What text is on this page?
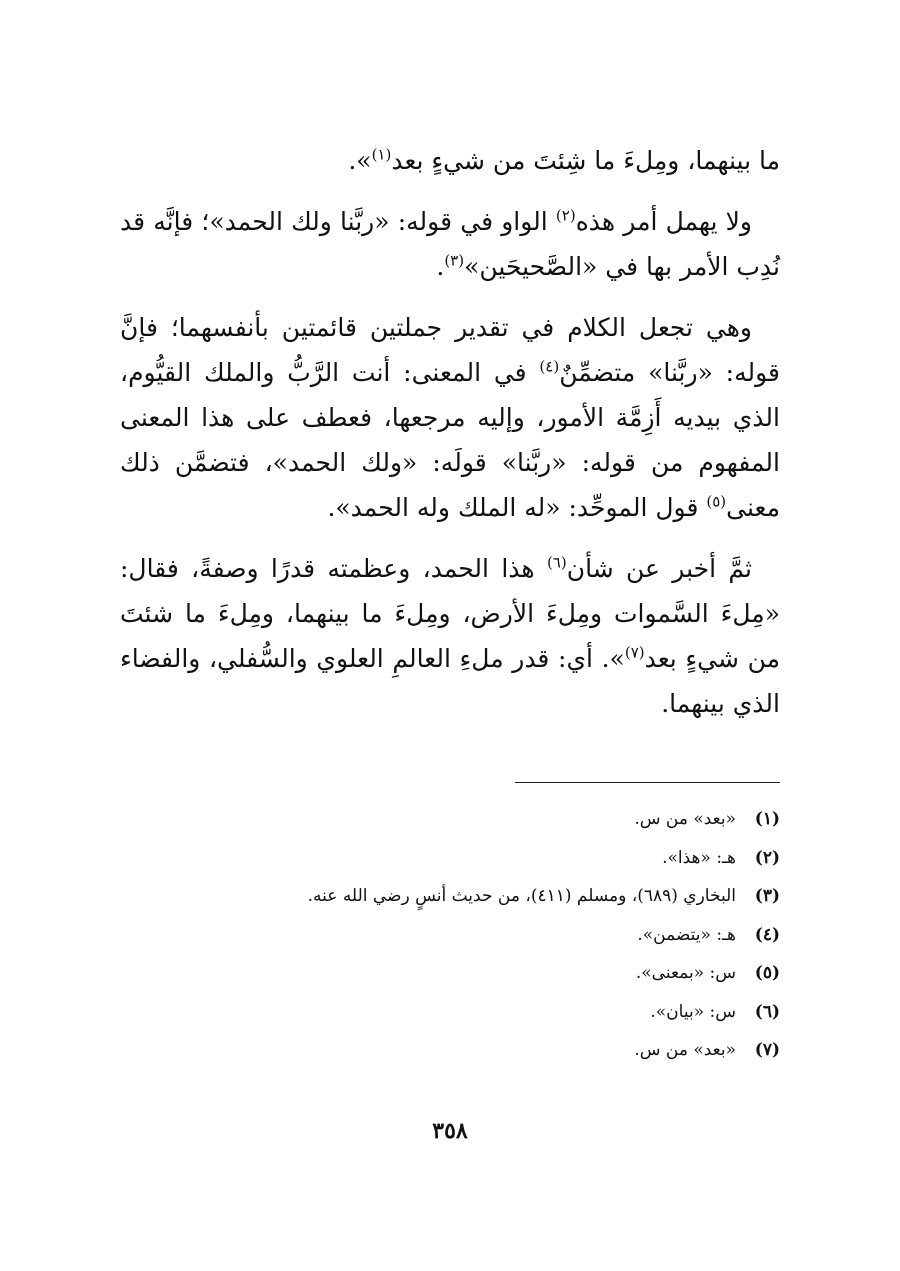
ما بينهما، ومِلءَ ما شِئتَ من شيءٍ بعد$^{(١)}$».

ولا يهمل أمر هذه$^{(٢)}$ الواو في قوله: «ربَّنا ولك الحمد»؛ فإنَّه قد نُدِب الأمر بها في «الصَّحيحَين»$^{(٣)}$.

وهي تجعل الكلام في تقدير جملتين قائمتين بأنفسهما؛ فإنَّ قوله: «ربَّنا» متضمِّنٌ$^{(٤)}$ في المعنى: أنت الرَّبُّ والملك القيُّوم، الذي بيديه أَزِمَّة الأمور، وإليه مرجعها، فعطف على هذا المعنى المفهوم من قوله: «ربَّنا» قولَه: «ولك الحمد»، فتضمَّن ذلك معنى$^{(٥)}$ قول الموحِّد: «له الملك وله الحمد».

ثمَّ أخبر عن شأن$^{(٦)}$ هذا الحمد، وعظمته قدرًا وصفةً، فقال: «مِلءَ السَّموات ومِلءَ الأرض، ومِلءَ ما بينهما، ومِلءَ ما شئتَ من شيءٍ بعد$^{(٧)}$». أي: قدر ملءِ العالمِ العلوي والسُّفلي، والفضاء الذي بينهما.

(١)«بعد» من س.
(٢)هـ: «هذا».
(٣)البخاري (٦٨٩)، ومسلم (٤١١)، من حديث أنسٍ رضي الله عنه.
(٤)هـ: «يتضمن».
(٥)س: «بمعنى».
(٦)س: «بيان».
(٧)«بعد» من س.
٣٥٨
